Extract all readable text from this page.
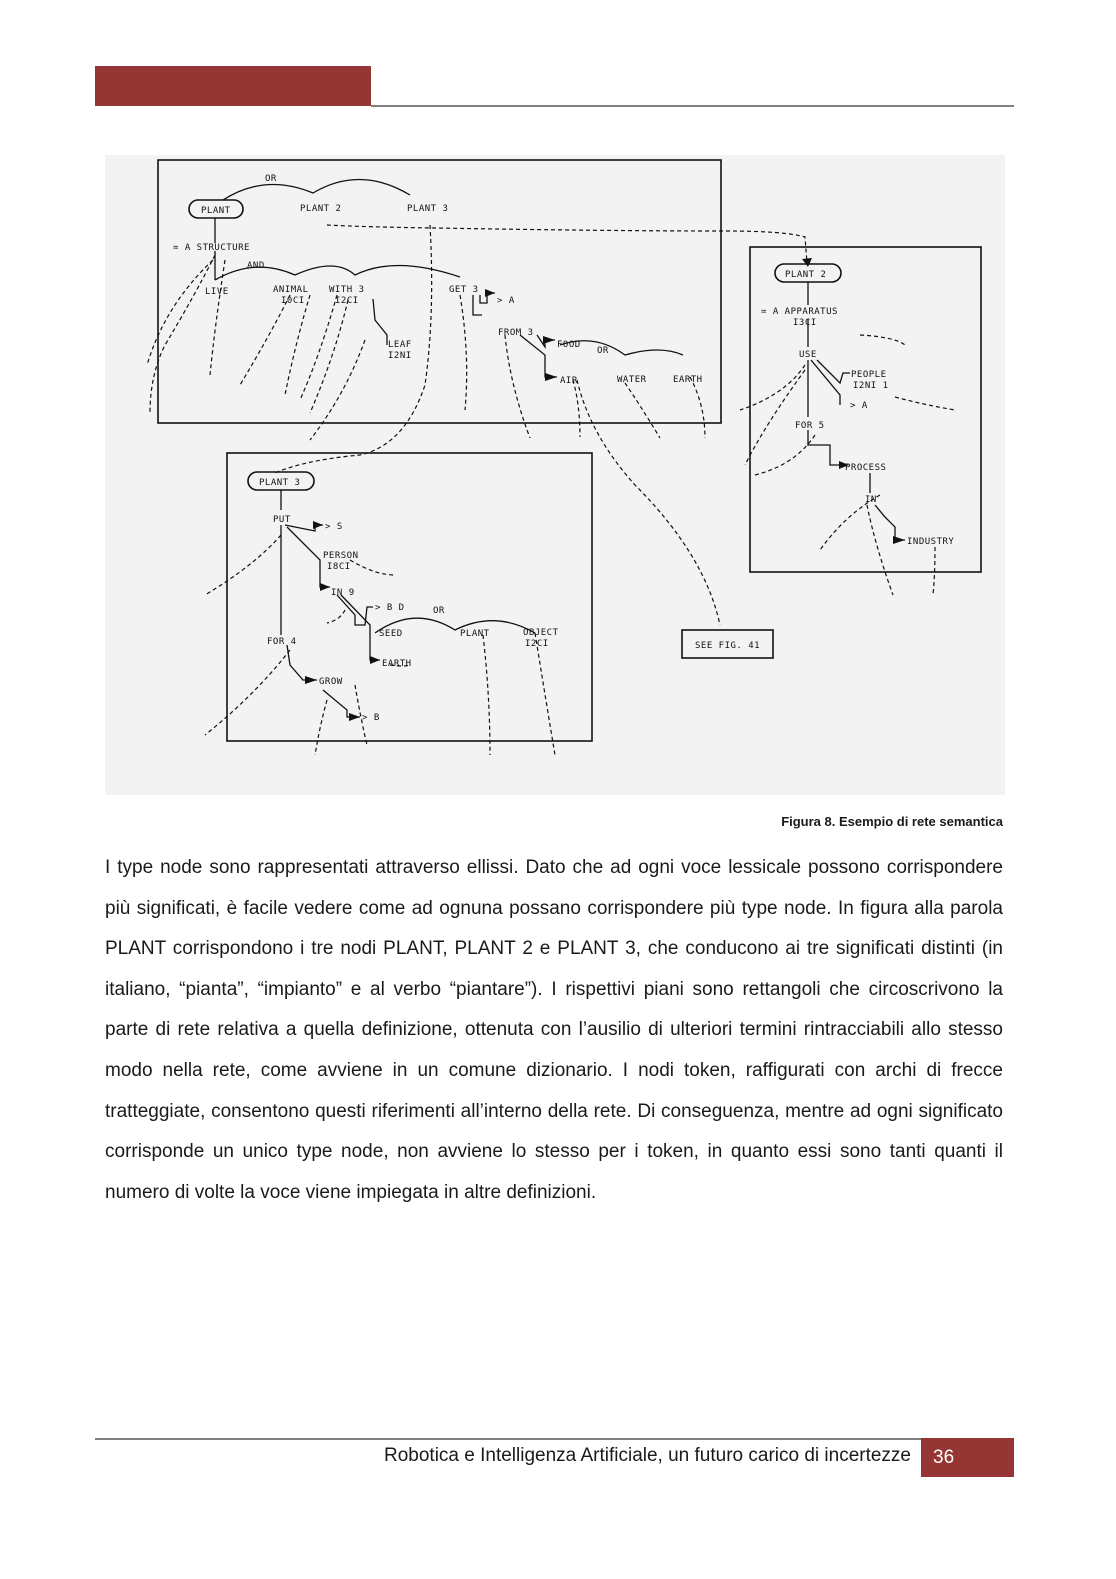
OR
PLANT	PLANT 2	PLANT 3
= A STRUCTURE
AND
LIVE	ANIMAL
I0CI
WITH 3
I2CI
GET 3
> A
FROM 3
FOOD
OR
LEAF
I2NI
AIR	WATER	EARTH
PLANT 2
= A APPARATUS
I3CI
USE
PEOPLE
I2NI 1
> A
FOR 5
PROCESS
IN
INDUSTRY
PLANT 3
PUT
> S
PERSON
I8CI
IN 9
> B D	OR
SEED	PLANT	OBJECT
I2CI
FOR 4
GROW
EARTH
> B
SEE FIG. 41
Figura 8. Esempio di rete semantica

I type node sono rappresentati attraverso ellissi. Dato che ad ogni voce lessicale possono corrispondere più significati, è facile vedere come ad ognuna possano corrispondere più type node. In figura alla parola PLANT corrispondono i tre nodi PLANT, PLANT 2 e PLANT 3, che conducono ai tre significati distinti (in italiano, “pianta”, “impianto” e al verbo “piantare”). I rispettivi piani sono rettangoli che circoscrivono la parte di rete relativa a quella definizione, ottenuta con l’ausilio di ulteriori termini rintracciabili allo stesso modo nella rete, come avviene in un comune dizionario. I nodi token, raffigurati con archi di frecce tratteggiate, consentono questi riferimenti all’interno della rete. Di conseguenza, mentre ad ogni significato corrisponde un unico type node, non avviene lo stesso per i token, in quanto essi sono tanti quanti il numero di volte la voce viene impiegata in altre definizioni.

Robotica e Intelligenza Artificiale, un futuro carico di incertezze	36
